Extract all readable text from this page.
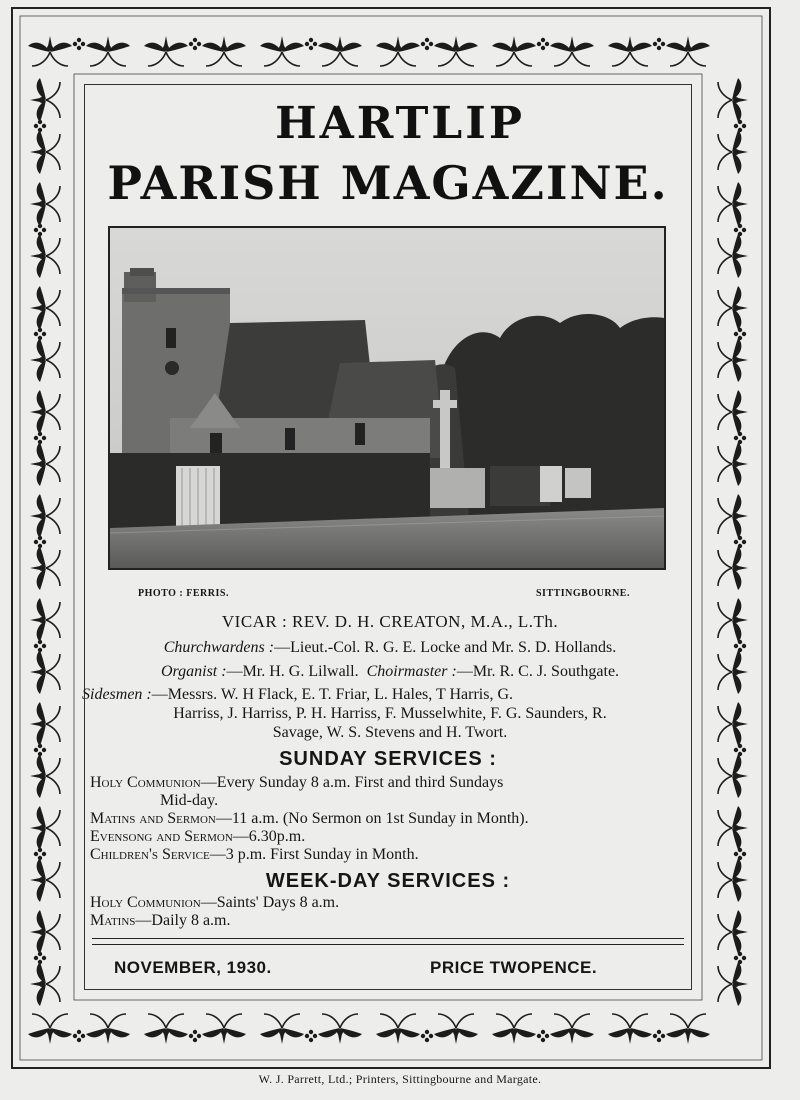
HARTLIP
PARISH MAGAZINE.
PHOTO : FERRIS.	SITTINGBOURNE.
VICAR : REV. D. H. CREATON, M.A., L.Th.
Churchwardens :—Lieut.-Col. R. G. E. Locke and Mr. S. D. Hollands.
Organist :—Mr. H. G. Lilwall. Choirmaster :—Mr. R. C. J. Southgate.
Sidesmen :—Messrs. W. H Flack, E. T. Friar, L. Hales, T Harris, G.
Harriss, J. Harriss, P. H. Harriss, F. Musselwhite, F. G. Saunders, R.
Savage, W. S. Stevens and H. Twort.
SUNDAY SERVICES :
Holy Communion—Every Sunday 8 a.m. First and third Sundays
Mid-day.
Matins and Sermon—11 a.m. (No Sermon on 1st Sunday in Month).
Evensong and Sermon—6.30p.m.
Children's Service—3 p.m. First Sunday in Month.
WEEK-DAY SERVICES :
Holy Communion—Saints' Days 8 a.m.
Matins—Daily 8 a.m.
NOVEMBER, 1930.	PRICE TWOPENCE.
W. J. Parrett, Ltd.; Printers, Sittingbourne and Margate.
